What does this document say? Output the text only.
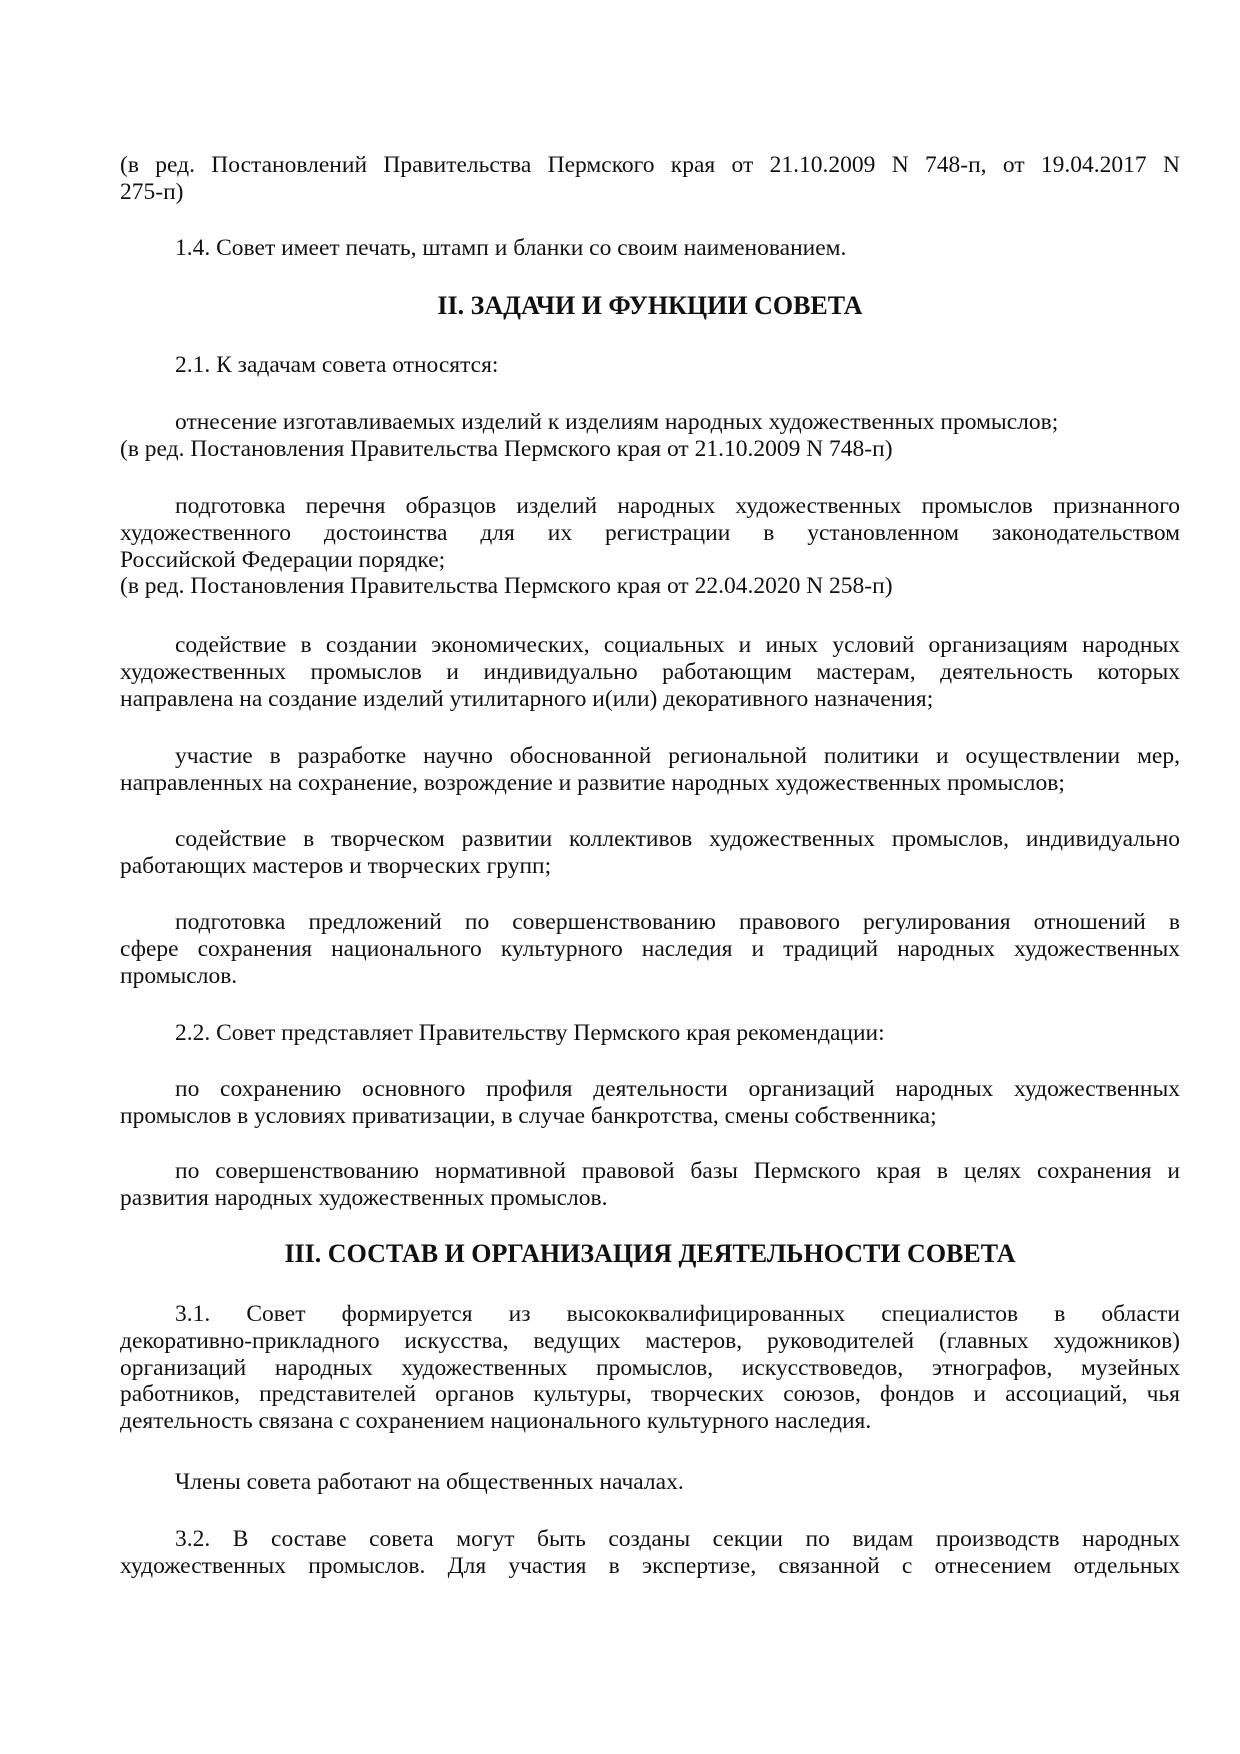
(в ред. Постановлений Правительства Пермского края от 21.10.2009 N 748-п, от 19.04.2017 N
275-п)
1.4. Совет имеет печать, штамп и бланки со своим наименованием.
II. ЗАДАЧИ И ФУНКЦИИ СОВЕТА
2.1. К задачам совета относятся:
отнесение изготавливаемых изделий к изделиям народных художественных промыслов;
(в ред. Постановления Правительства Пермского края от 21.10.2009 N 748-п)
подготовка перечня образцов изделий народных художественных промыслов признанного
художественного достоинства для их регистрации в установленном законодательством
Российской Федерации порядке;
(в ред. Постановления Правительства Пермского края от 22.04.2020 N 258-п)
содействие в создании экономических, социальных и иных условий организациям народных
художественных промыслов и индивидуально работающим мастерам, деятельность которых
направлена на создание изделий утилитарного и(или) декоративного назначения;
участие в разработке научно обоснованной региональной политики и осуществлении мер,
направленных на сохранение, возрождение и развитие народных художественных промыслов;
содействие в творческом развитии коллективов художественных промыслов, индивидуально
работающих мастеров и творческих групп;
подготовка предложений по совершенствованию правового регулирования отношений в
сфере сохранения национального культурного наследия и традиций народных художественных
промыслов.
2.2. Совет представляет Правительству Пермского края рекомендации:
по сохранению основного профиля деятельности организаций народных художественных
промыслов в условиях приватизации, в случае банкротства, смены собственника;
по совершенствованию нормативной правовой базы Пермского края в целях сохранения и
развития народных художественных промыслов.
III. СОСТАВ И ОРГАНИЗАЦИЯ ДЕЯТЕЛЬНОСТИ СОВЕТА
3.1. Совет формируется из высококвалифицированных специалистов в области
декоративно-прикладного искусства, ведущих мастеров, руководителей (главных художников)
организаций народных художественных промыслов, искусствоведов, этнографов, музейных
работников, представителей органов культуры, творческих союзов, фондов и ассоциаций, чья
деятельность связана с сохранением национального культурного наследия.
Члены совета работают на общественных началах.
3.2. В составе совета могут быть созданы секции по видам производств народных
художественных промыслов. Для участия в экспертизе, связанной с отнесением отдельных
